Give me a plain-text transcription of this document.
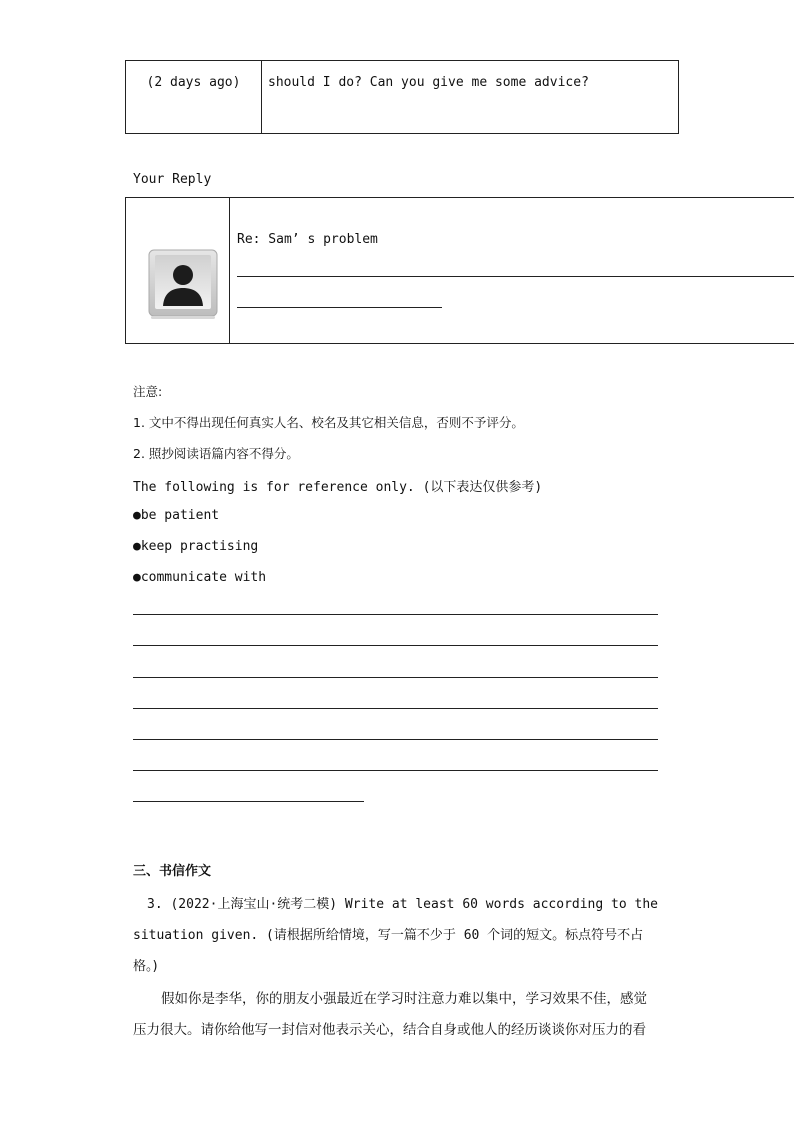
(2 days ago)	should I do? Can you give me some advice?
Your Reply
Re: Sam’ s problem
注意:
1. 文中不得出现任何真实人名、校名及其它相关信息，否则不予评分。
2. 照抄阅读语篇内容不得分。
The following is for reference only. (以下表达仅供参考)
●be patient
●keep practising
●communicate with
三、书信作文
3. (2022·上海宝山·统考二模) Write at least 60 words according to the
situation given. (请根据所给情境，写一篇不少于 60 个词的短文。标点符号不占
格。)
假如你是李华，你的朋友小强最近在学习时注意力难以集中，学习效果不佳，感觉
压力很大。请你给他写一封信对他表示关心，结合自身或他人的经历谈谈你对压力的看
